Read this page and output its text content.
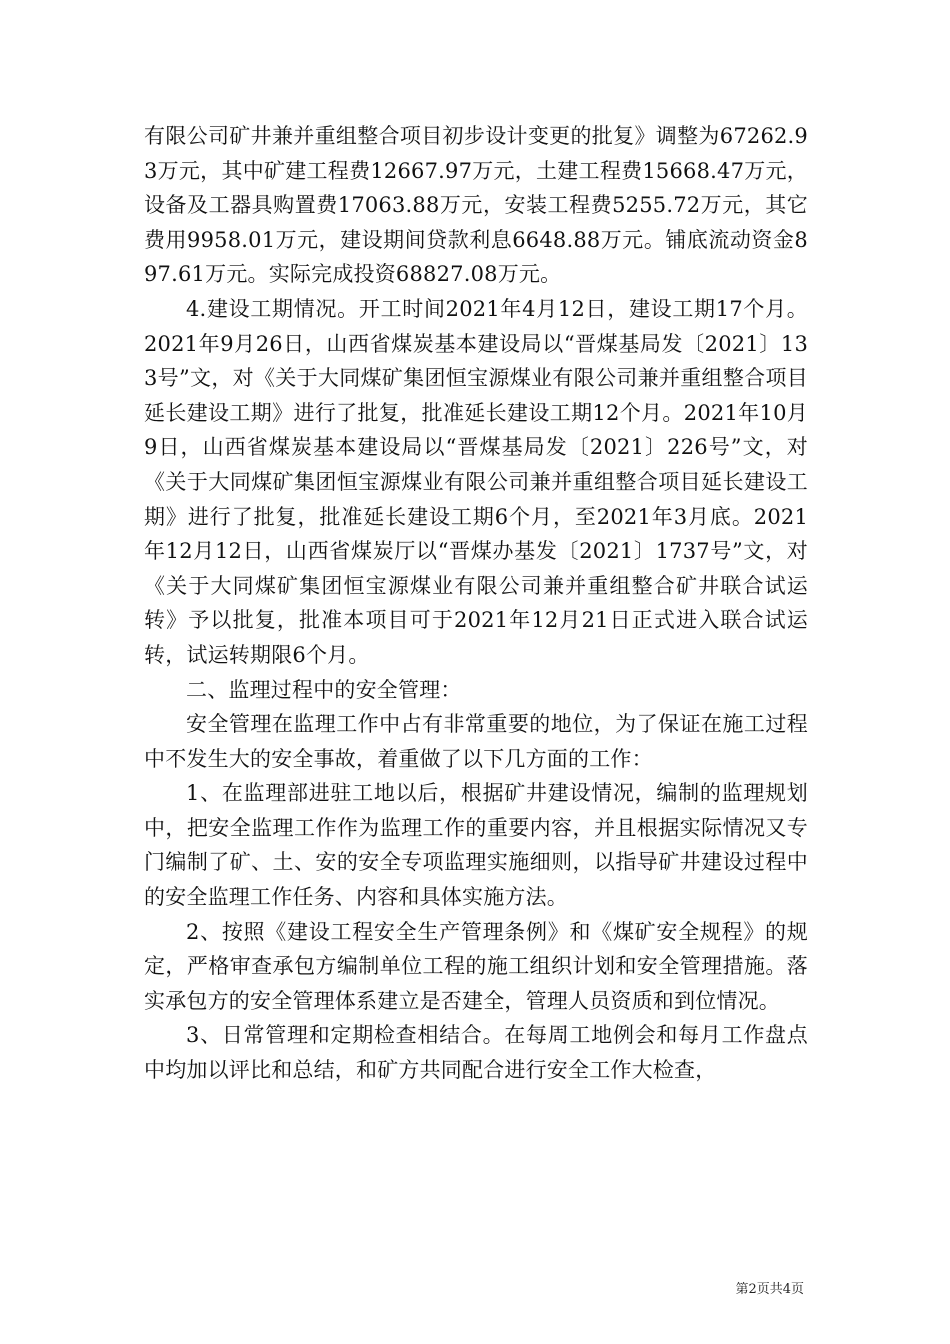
有限公司矿井兼并重组整合项目初步设计变更的批复》调整为67262.93万元，其中矿建工程费12667.97万元，土建工程费15668.47万元，设备及工器具购置费17063.88万元，安装工程费5255.72万元，其它费用9958.01万元，建设期间贷款利息6648.88万元。铺底流动资金897.61万元。实际完成投资68827.08万元。

4.建设工期情况。开工时间2021年4月12日，建设工期17个月。2021年9月26日，山西省煤炭基本建设局以“晋煤基局发〔2021〕133号”文，对《关于大同煤矿集团恒宝源煤业有限公司兼并重组整合项目延长建设工期》进行了批复，批准延长建设工期12个月。2021年10月9日，山西省煤炭基本建设局以“晋煤基局发〔2021〕226号”文，对《关于大同煤矿集团恒宝源煤业有限公司兼并重组整合项目延长建设工期》进行了批复，批准延长建设工期6个月，至2021年3月底。2021年12月12日，山西省煤炭厅以“晋煤办基发〔2021〕1737号”文，对《关于大同煤矿集团恒宝源煤业有限公司兼并重组整合矿井联合试运转》予以批复，批准本项目可于2021年12月21日正式进入联合试运转，试运转期限6个月。

二、监理过程中的安全管理：

安全管理在监理工作中占有非常重要的地位，为了保证在施工过程中不发生大的安全事故，着重做了以下几方面的工作：

1、在监理部进驻工地以后，根据矿井建设情况，编制的监理规划中，把安全监理工作作为监理工作的重要内容，并且根据实际情况又专门编制了矿、土、安的安全专项监理实施细则，以指导矿井建设过程中的安全监理工作任务、内容和具体实施方法。

2、按照《建设工程安全生产管理条例》和《煤矿安全规程》的规定，严格审查承包方编制单位工程的施工组织计划和安全管理措施。落实承包方的安全管理体系建立是否建全，管理人员资质和到位情况。

3、日常管理和定期检查相结合。在每周工地例会和每月工作盘点中均加以评比和总结，和矿方共同配合进行安全工作大检查，

第2页共4页
